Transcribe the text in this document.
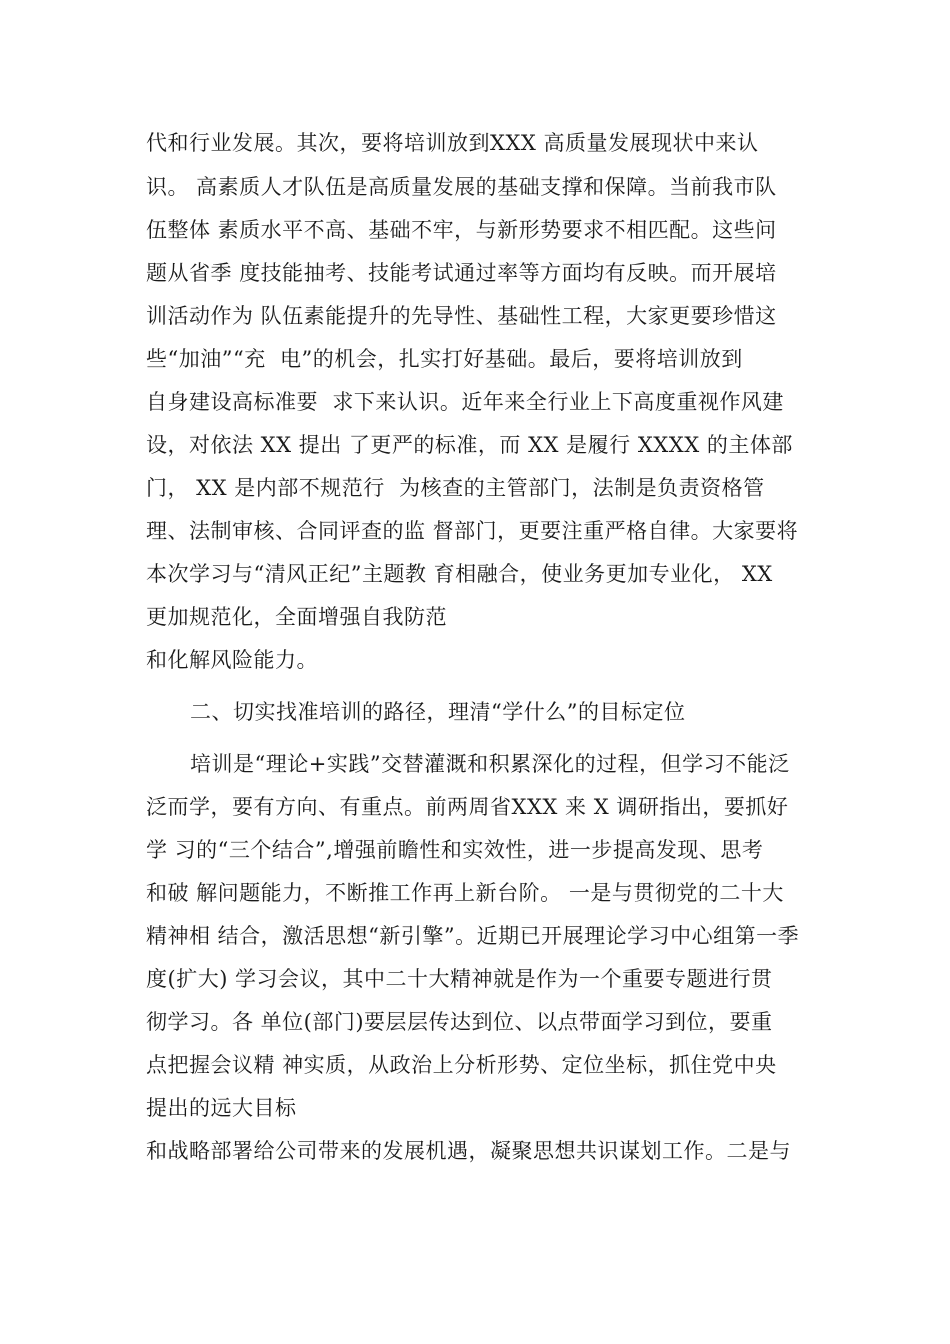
代和行业发展。其次，要将培训放到XXX 高质量发展现状中来认
识。 高素质人才队伍是高质量发展的基础支撑和保障。当前我市队
伍整体 素质水平不高、基础不牢，与新形势要求不相匹配。这些问
题从省季 度技能抽考、技能考试通过率等方面均有反映。而开展培
训活动作为 队伍素能提升的先导性、基础性工程，大家更要珍惜这
些“加油”“充  电”的机会，扎实打好基础。最后，要将培训放到
自身建设高标准要  求下来认识。近年来全行业上下高度重视作风建
设，对依法 XX 提出 了更严的标准，而 XX 是履行 XXXX 的主体部
门， XX 是内部不规范行  为核查的主管部门，法制是负责资格管
理、法制审核、合同评查的监 督部门，更要注重严格自律。大家要将
本次学习与“清风正纪”主题教 育相融合，使业务更加专业化， XX
更加规范化，全面增强自我防范
和化解风险能力。
二、切实找准培训的路径，理清“学什么”的目标定位
培训是“理论+实践”交替灌溉和积累深化的过程，但学习不能泛
泛而学，要有方向、有重点。前两周省XXX 来 X 调研指出，要抓好
学 习的“三个结合”,增强前瞻性和实效性，进一步提高发现、思考
和破 解问题能力，不断推工作再上新台阶。 一是与贯彻党的二十大
精神相 结合，激活思想“新引擎”。近期已开展理论学习中心组第一季
度(扩大) 学习会议，其中二十大精神就是作为一个重要专题进行贯
彻学习。各 单位(部门)要层层传达到位、以点带面学习到位，要重
点把握会议精 神实质，从政治上分析形势、定位坐标，抓住党中央
提出的远大目标
和战略部署给公司带来的发展机遇，凝聚思想共识谋划工作。二是与
